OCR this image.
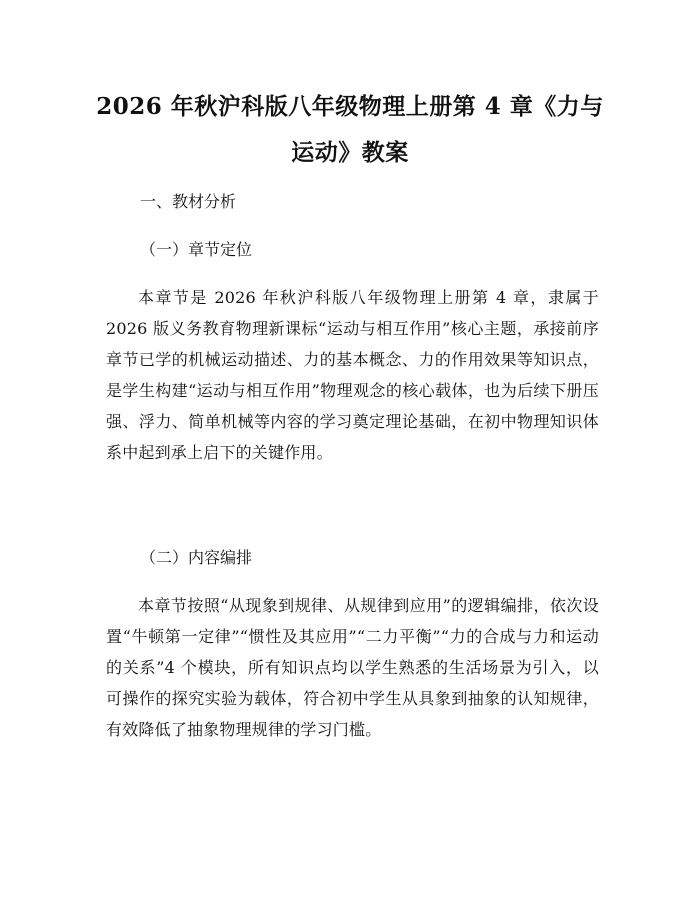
2026 年秋沪科版八年级物理上册第 4 章《力与运动》教案
一、教材分析
（一）章节定位

本章节是 2026 年秋沪科版八年级物理上册第 4 章，隶属于 2026 版义务教育物理新课标“运动与相互作用”核心主题，承接前序章节已学的机械运动描述、力的基本概念、力的作用效果等知识点，是学生构建“运动与相互作用”物理观念的核心载体，也为后续下册压强、浮力、简单机械等内容的学习奠定理论基础，在初中物理知识体系中起到承上启下的关键作用。

（二）内容编排

本章节按照“从现象到规律、从规律到应用”的逻辑编排，依次设置“牛顿第一定律”“惯性及其应用”“二力平衡”“力的合成与力和运动的关系”4 个模块，所有知识点均以学生熟悉的生活场景为引入，以可操作的探究实验为载体，符合初中学生从具象到抽象的认知规律，有效降低了抽象物理规律的学习门槛。
